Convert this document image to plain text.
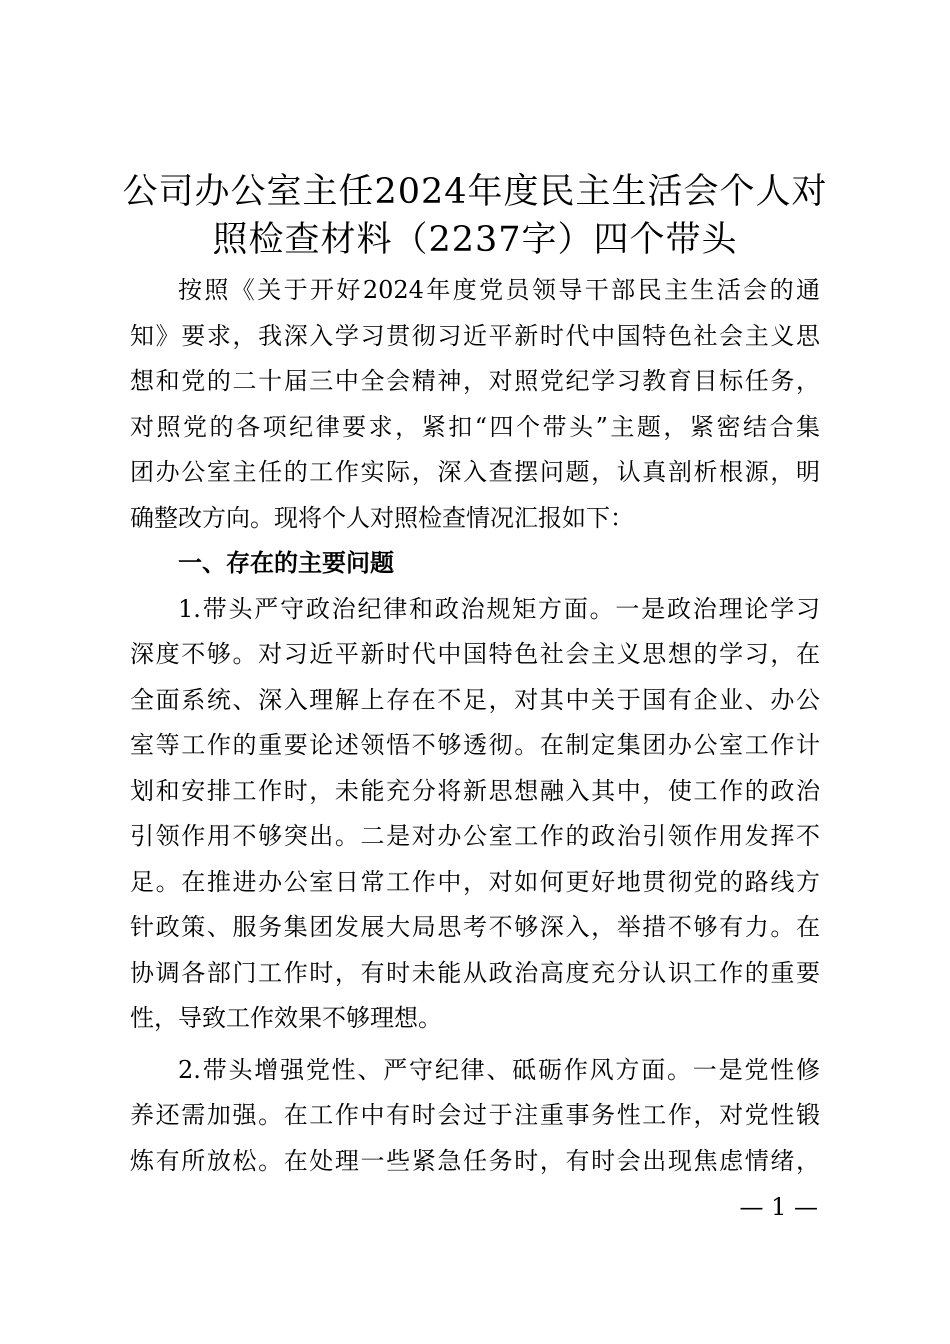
公司办公室主任2024年度民主生活会个人对
照检查材料（2237字）四个带头
按照《关于开好2024年度党员领导干部民主生活会的通
知》要求，我深入学习贯彻习近平新时代中国特色社会主义思
想和党的二十届三中全会精神，对照党纪学习教育目标任务，
对照党的各项纪律要求，紧扣“四个带头”主题，紧密结合集
团办公室主任的工作实际，深入查摆问题，认真剖析根源，明
确整改方向。现将个人对照检查情况汇报如下：
一、存在的主要问题
1.带头严守政治纪律和政治规矩方面。一是政治理论学习
深度不够。对习近平新时代中国特色社会主义思想的学习，在
全面系统、深入理解上存在不足，对其中关于国有企业、办公
室等工作的重要论述领悟不够透彻。在制定集团办公室工作计
划和安排工作时，未能充分将新思想融入其中，使工作的政治
引领作用不够突出。二是对办公室工作的政治引领作用发挥不
足。在推进办公室日常工作中，对如何更好地贯彻党的路线方
针政策、服务集团发展大局思考不够深入，举措不够有力。在
协调各部门工作时，有时未能从政治高度充分认识工作的重要
性，导致工作效果不够理想。
2.带头增强党性、严守纪律、砥砺作风方面。一是党性修
养还需加强。在工作中有时会过于注重事务性工作，对党性锻
炼有所放松。在处理一些紧急任务时，有时会出现焦虑情绪，
— 1 —
